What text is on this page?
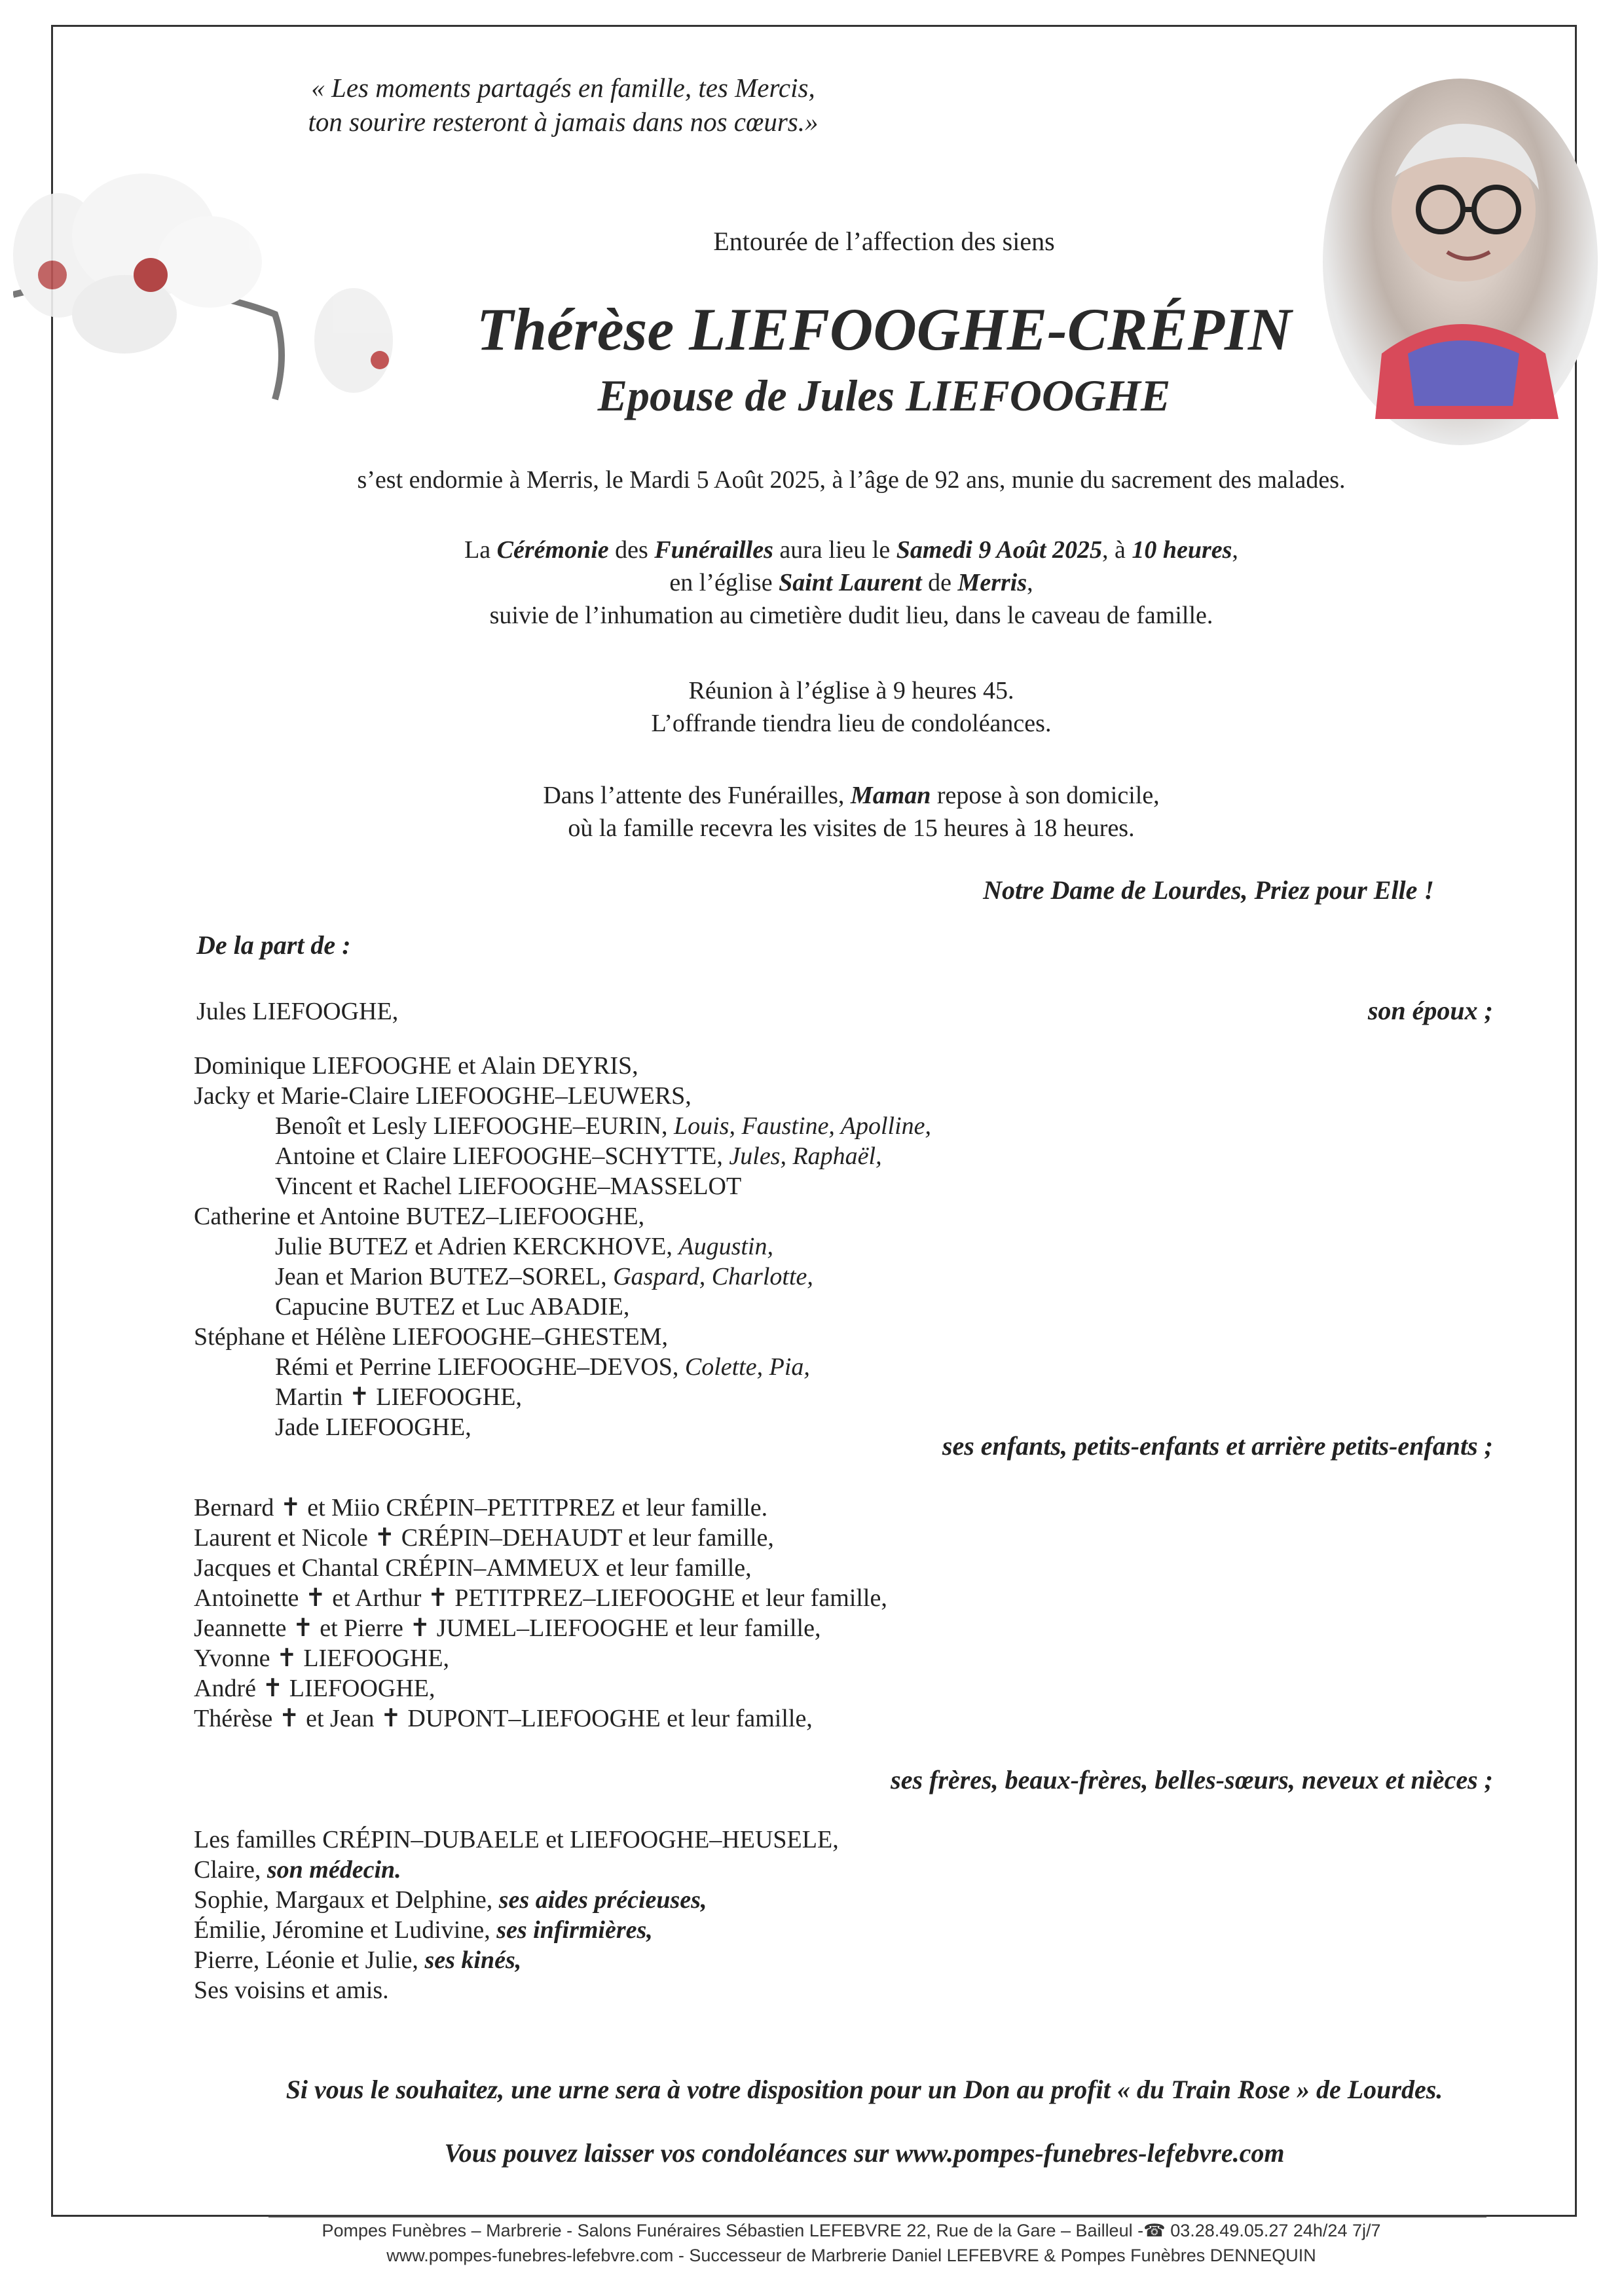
« Les moments partagés en famille, tes Mercis,
ton sourire resteront à jamais dans nos cœurs.»
Entourée de l’affection des siens
Thérèse LIEFOOGHE-CRÉPIN
Epouse de Jules LIEFOOGHE
s’est endormie à Merris, le Mardi 5 Août 2025, à l’âge de 92 ans, munie du sacrement des malades.
La Cérémonie des Funérailles aura lieu le Samedi 9 Août 2025, à 10 heures,
en l’église Saint Laurent de Merris,
suivie de l’inhumation au cimetière dudit lieu, dans le caveau de famille.
Réunion à l’église à 9 heures 45.
L’offrande tiendra lieu de condoléances.
Dans l’attente des Funérailles, Maman repose à son domicile,
où la famille recevra les visites de 15 heures à 18 heures.
Notre Dame de Lourdes, Priez pour Elle !
De la part de :
Jules LIEFOOGHE,	son époux ;
Dominique LIEFOOGHE et Alain DEYRIS,
Jacky et Marie-Claire LIEFOOGHE–LEUWERS,
Benoît et Lesly LIEFOOGHE–EURIN, Louis, Faustine, Apolline,
Antoine et Claire LIEFOOGHE–SCHYTTE, Jules, Raphaël,
Vincent et Rachel LIEFOOGHE–MASSELOT
Catherine et Antoine BUTEZ–LIEFOOGHE,
Julie BUTEZ et Adrien KERCKHOVE, Augustin,
Jean et Marion BUTEZ–SOREL, Gaspard, Charlotte,
Capucine BUTEZ et Luc ABADIE,
Stéphane et Hélène LIEFOOGHE–GHESTEM,
Rémi et Perrine LIEFOOGHE–DEVOS, Colette, Pia,
Martin ✝ LIEFOOGHE,
Jade LIEFOOGHE,
ses enfants, petits-enfants et arrière petits-enfants ;
Bernard ✝ et Miio CRÉPIN–PETITPREZ et leur famille.
Laurent et Nicole ✝ CRÉPIN–DEHAUDT et leur famille,
Jacques et Chantal CRÉPIN–AMMEUX et leur famille,
Antoinette ✝ et Arthur ✝ PETITPREZ–LIEFOOGHE et leur famille,
Jeannette ✝ et Pierre ✝ JUMEL–LIEFOOGHE et leur famille,
Yvonne ✝ LIEFOOGHE,
André ✝ LIEFOOGHE,
Thérèse ✝ et Jean ✝ DUPONT–LIEFOOGHE et leur famille,
ses frères, beaux-frères, belles-sœurs, neveux et nièces ;
Les familles CRÉPIN–DUBAELE et LIEFOOGHE–HEUSELE,
Claire, son médecin.
Sophie, Margaux et Delphine, ses aides précieuses,
Émilie, Jéromine et Ludivine, ses infirmières,
Pierre, Léonie et Julie, ses kinés,
Ses voisins et amis.
Si vous le souhaitez, une urne sera à votre disposition pour un Don au profit « du Train Rose » de Lourdes.
Vous pouvez laisser vos condoléances sur www.pompes-funebres-lefebvre.com
Pompes Funèbres – Marbrerie - Salons Funéraires Sébastien LEFEBVRE 22, Rue de la Gare – Bailleul -☎ 03.28.49.05.27 24h/24 7j/7
www.pompes-funebres-lefebvre.com - Successeur de Marbrerie Daniel LEFEBVRE & Pompes Funèbres DENNEQUIN
